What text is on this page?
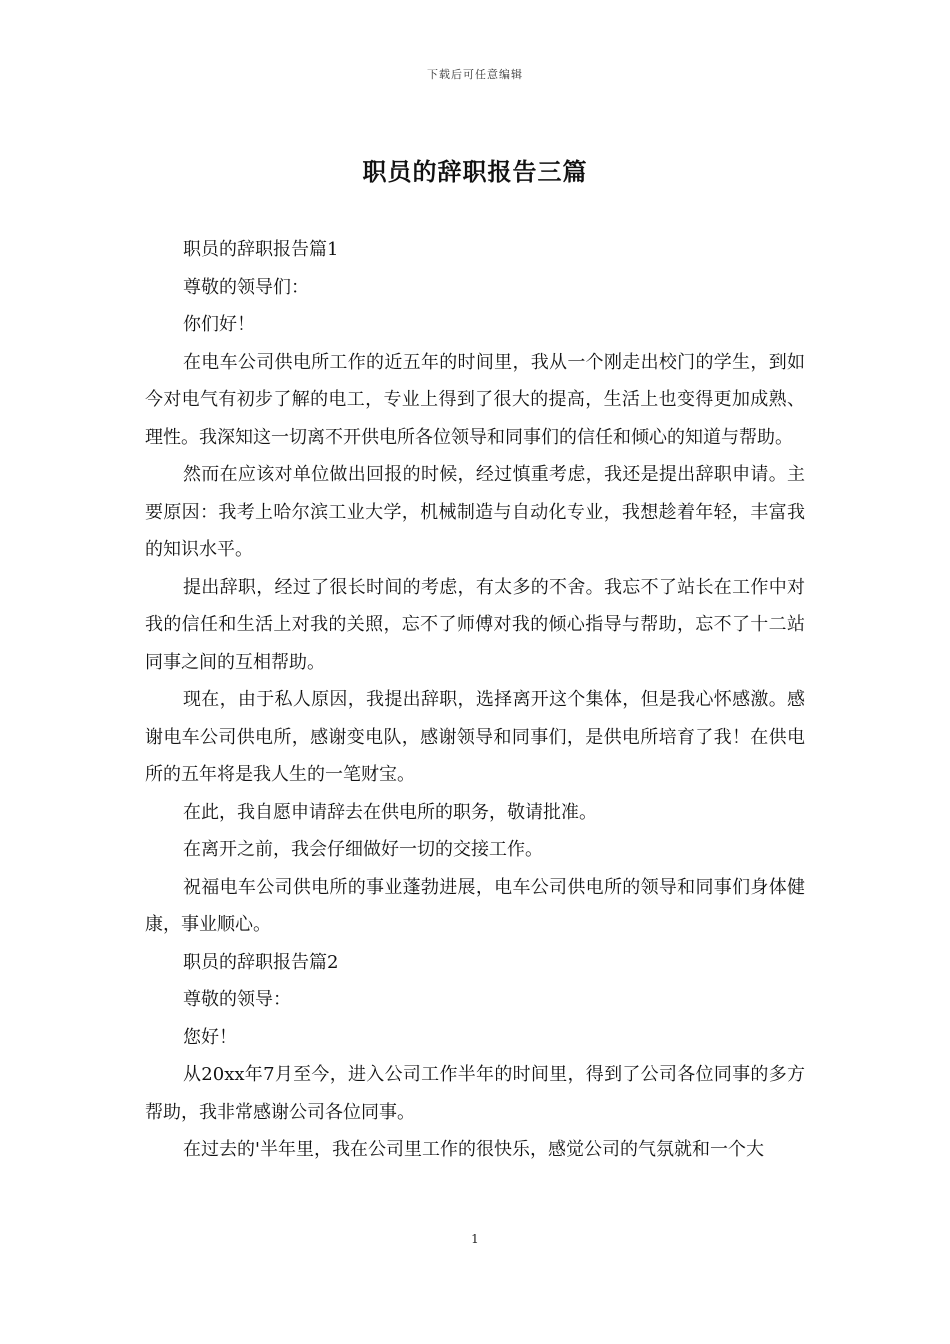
下载后可任意编辑
职员的辞职报告三篇

职员的辞职报告篇1

尊敬的领导们：

你们好！

在电车公司供电所工作的近五年的时间里，我从一个刚走出校门的学生，到如今对电气有初步了解的电工，专业上得到了很大的提高，生活上也变得更加成熟、理性。我深知这一切离不开供电所各位领导和同事们的信任和倾心的知道与帮助。

然而在应该对单位做出回报的时候，经过慎重考虑，我还是提出辞职申请。主要原因：我考上哈尔滨工业大学，机械制造与自动化专业，我想趁着年轻，丰富我的知识水平。

提出辞职，经过了很长时间的考虑，有太多的不舍。我忘不了站长在工作中对我的信任和生活上对我的关照，忘不了师傅对我的倾心指导与帮助，忘不了十二站同事之间的互相帮助。

现在，由于私人原因，我提出辞职，选择离开这个集体，但是我心怀感激。感谢电车公司供电所，感谢变电队，感谢领导和同事们，是供电所培育了我！在供电所的五年将是我人生的一笔财宝。

在此，我自愿申请辞去在供电所的职务，敬请批准。

在离开之前，我会仔细做好一切的交接工作。

祝福电车公司供电所的事业蓬勃进展，电车公司供电所的领导和同事们身体健康，事业顺心。

职员的辞职报告篇2

尊敬的领导：

您好！

从20xx年7月至今，进入公司工作半年的时间里，得到了公司各位同事的多方帮助，我非常感谢公司各位同事。

在过去的'半年里，我在公司里工作的很快乐，感觉公司的气氛就和一个大

1
